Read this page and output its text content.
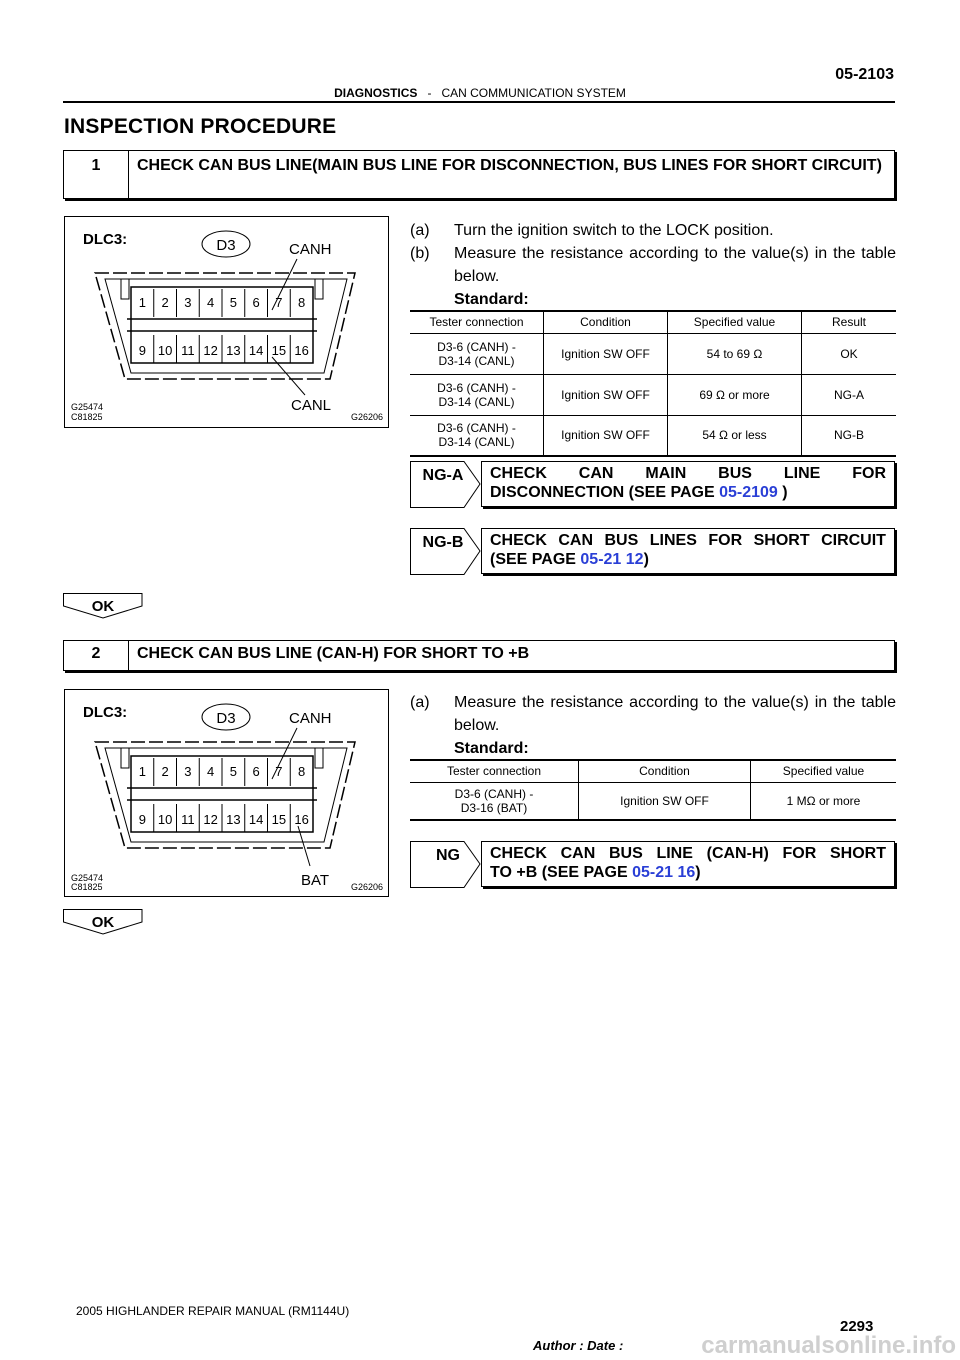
05-2103
DIAGNOSTICS - CAN COMMUNICATION SYSTEM
INSPECTION PROCEDURE
1	CHECK CAN BUS LINE(MAIN BUS LINE FOR DISCONNECTION, BUS LINES FOR SHORT CIRCUIT)
DLC3:	D3	CANH
1 2 3 4 5 6 7 8
9 10 11 12 13 14 15 16
CANL
G25474
C81825	G26206
(a)	Turn the ignition switch to the LOCK position.
(b)	Measure the resistance according to the value(s) in the table below.
Standard:
Tester connection	Condition	Specified value	Result

D3-6 (CANH) -
D3-14 (CANL)	Ignition SW OFF	54 to 69 Ω	OK

D3-6 (CANH) -
D3-14 (CANL)	Ignition SW OFF	69 Ω or more	NG-A

D3-6 (CANH) -
D3-14 (CANL)	Ignition SW OFF	54 Ω or less	NG-B
NG-A	CHECK CAN MAIN BUS LINE FOR
DISCONNECTION (SEE PAGE 05-2109 )
NG-B	CHECK CAN BUS LINES FOR SHORT CIRCUIT
(SEE PAGE 05-21 12)
OK
2	CHECK CAN BUS LINE (CAN-H) FOR SHORT TO +B
DLC3:	D3	CANH
1 2 3 4 5 6 7 8
9 10 11 12 13 14 15 16
BAT
G25474
C81825	G26206
(a)	Measure the resistance according to the value(s) in the table below.
Standard:
Tester connection	Condition	Specified value

D3-6 (CANH) -
D3-16 (BAT)	Ignition SW OFF	1 MΩ or more
NG CHECK CAN BUS LINE (CAN-H) FOR SHORT
TO +B (SEE PAGE 05-21 16)
OK
2005 HIGHLANDER REPAIR MANUAL (RM1144U)
2293
Author : Date :	carmanualsonline.info
